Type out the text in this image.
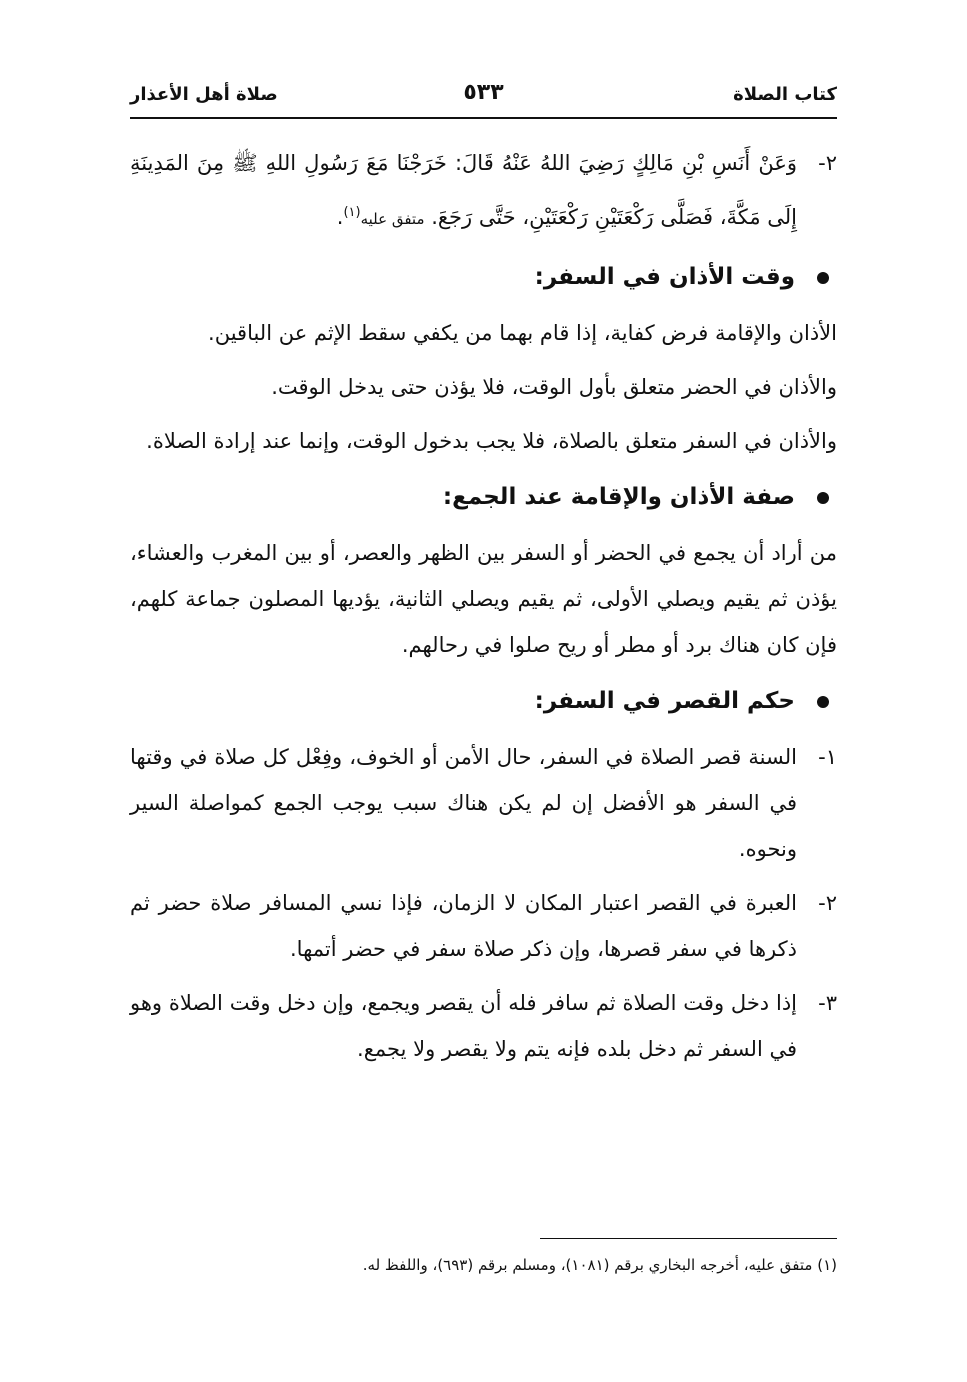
كتاب الصلاة
٥٣٣
صلاة أهل الأعذار
٢-
وَعَنْ أَنَسِ بْنِ مَالِكٍ رَضِيَ اللهُ عَنْهُ قَالَ: خَرَجْنَا مَعَ رَسُولِ اللهِ ﷺ مِنَ المَدِينَةِ إِلَى مَكَّةَ، فَصَلَّى رَكْعَتَيْنِ رَكْعَتَيْنِ، حَتَّى رَجَعَ. متفق عليه$^{(١)}$.
وقت الأذان في السفر:

الأذان والإقامة فرض كفاية، إذا قام بهما من يكفي سقط الإثم عن الباقين.

والأذان في الحضر متعلق بأول الوقت، فلا يؤذن حتى يدخل الوقت.

والأذان في السفر متعلق بالصلاة، فلا يجب بدخول الوقت، وإنما عند إرادة الصلاة.

صفة الأذان والإقامة عند الجمع:

من أراد أن يجمع في الحضر أو السفر بين الظهر والعصر، أو بين المغرب والعشاء، يؤذن ثم يقيم ويصلي الأولى، ثم يقيم ويصلي الثانية، يؤديها المصلون جماعة كلهم، فإن كان هناك برد أو مطر أو ريح صلوا في رحالهم.

حكم القصر في السفر:
١-
السنة قصر الصلاة في السفر، حال الأمن أو الخوف، وفِعْل كل صلاة في وقتها في السفر هو الأفضل إن لم يكن هناك سبب يوجب الجمع كمواصلة السير ونحوه.
٢-
العبرة في القصر اعتبار المكان لا الزمان، فإذا نسي المسافر صلاة حضر ثم ذكرها في سفر قصرها، وإن ذكر صلاة سفر في حضر أتمها.
٣-
إذا دخل وقت الصلاة ثم سافر فله أن يقصر ويجمع، وإن دخل وقت الصلاة وهو في السفر ثم دخل بلده فإنه يتم ولا يقصر ولا يجمع.
(١) متفق عليه، أخرجه البخاري برقم (١٠٨١)، ومسلم برقم (٦٩٣)، واللفظ له.
